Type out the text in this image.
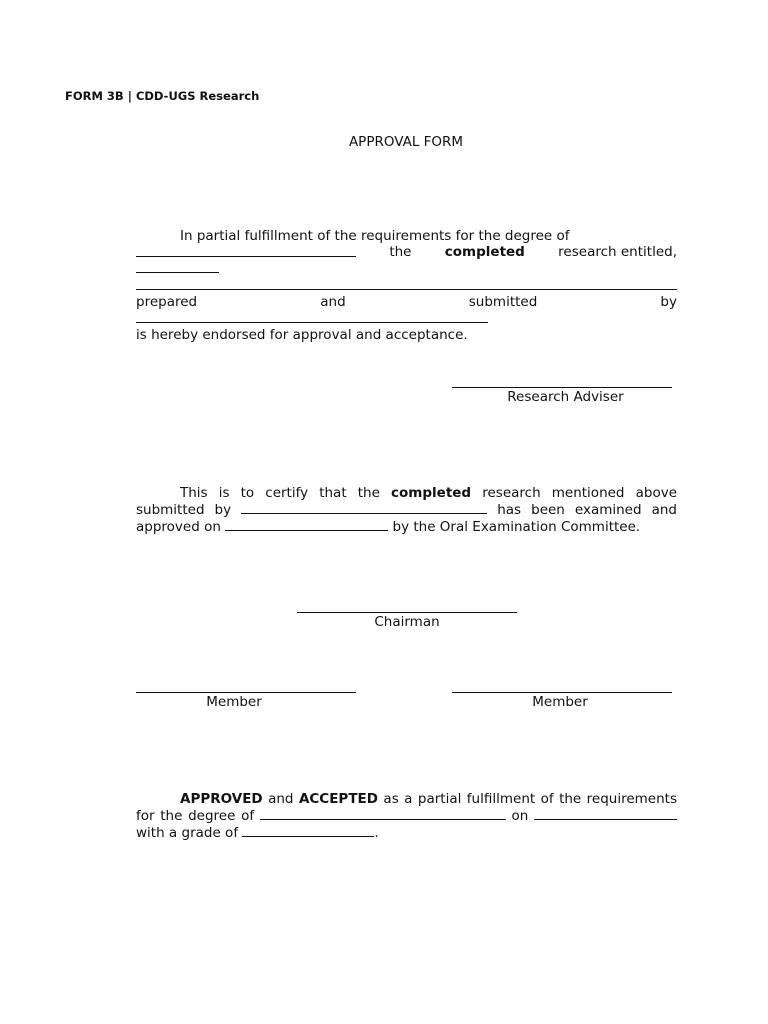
FORM 3B | CDD-UGS Research
APPROVAL FORM
In partial fulfillment of the requirements for the degree of
the completed research entitled,
prepared	and	submitted	by
is hereby endorsed for approval and acceptance.
Research Adviser
This is to certify that the completed research mentioned above submitted by	has been examined and approved on	by the Oral Examination Committee.
Chairman
Member	Member
APPROVED and ACCEPTED as a partial fulfillment of the requirements for the degree of	on  with a grade of	.
